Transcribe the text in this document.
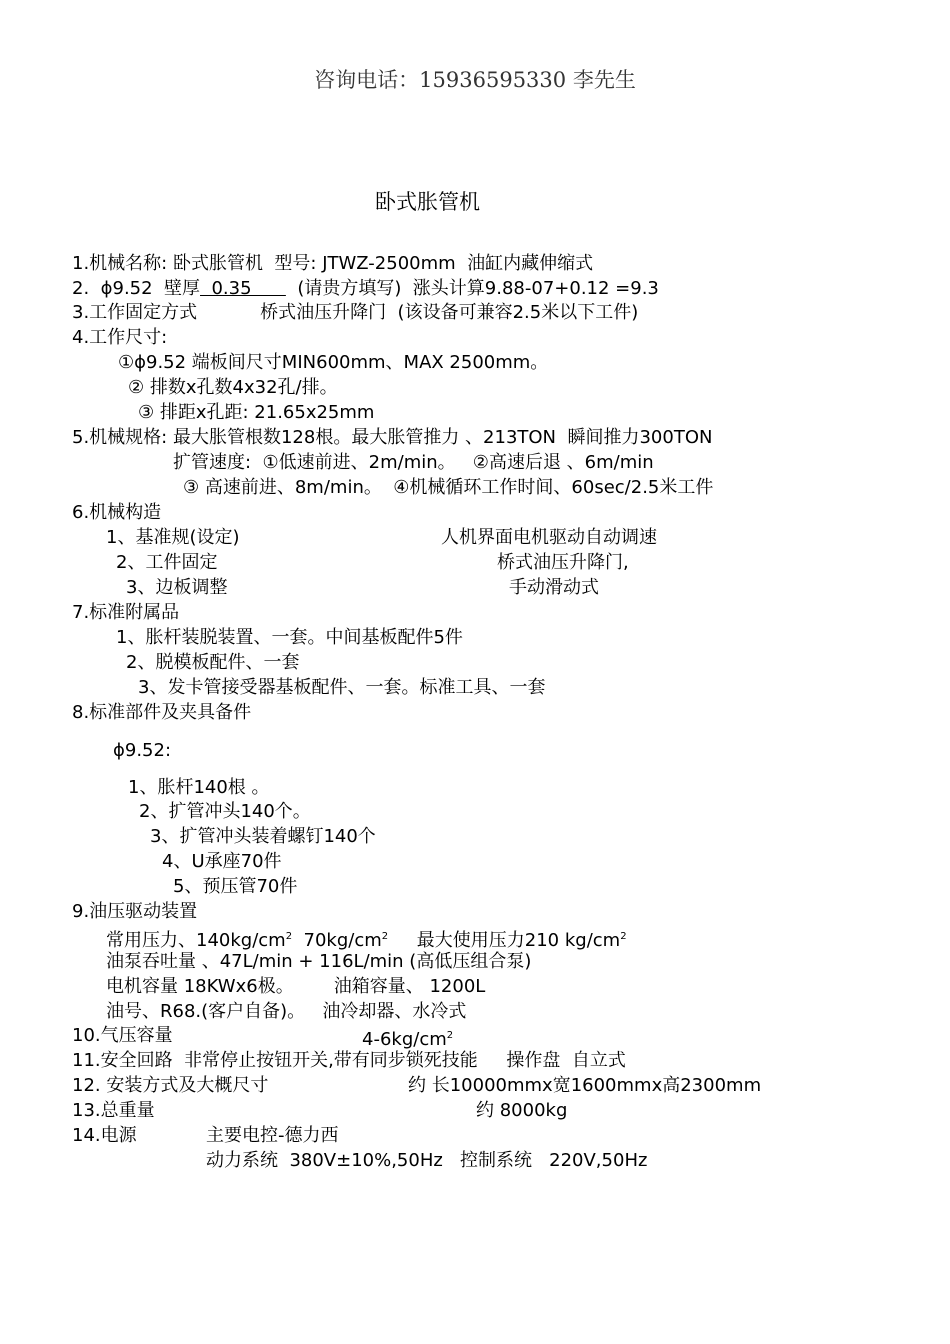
咨询电话：15936595330 李先生
卧式胀管机
1.机械名称: 卧式胀管机  型号: JTWZ-2500mm  油缸内藏伸缩式
2.  ϕ9.52  壁厚  0.35        (请贵方填写)  涨头计算9.88-07+0.12 =9.3
3.工作固定方式           桥式油压升降门  (该设备可兼容2.5米以下工件)
4.工作尺寸:
①ϕ9.52 端板间尺寸MIN600mm、MAX 2500mm。
② 排数x孔数4x32孔/排。
③ 排距x孔距: 21.65x25mm
5.机械规格: 最大胀管根数128根。最大胀管推力 、213TON  瞬间推力300TON
扩管速度:  ①低速前进、2m/min。   ②高速后退 、6m/min
③ 高速前进、8m/min。  ④机械循环工作时间、60sec/2.5米工件
6.机械构造
1、基准规(设定)	人机界面电机驱动自动调速
2、工件固定	桥式油压升降门,
3、边板调整	手动滑动式
7.标准附属品
1、胀杆装脱装置、一套。中间基板配件5件
2、脱模板配件、一套
3、发卡管接受器基板配件、一套。标准工具、一套
8.标准部件及夹具备件
ϕ9.52:
1、胀杆140根 。
2、扩管冲头140个。
3、扩管冲头装着螺钉140个
4、U承座70件
5、预压管70件
9.油压驱动装置
常用压力、$140kg/cm^2$  $70kg/cm^2$     最大使用压力210 $kg/cm^2$
油泵吞吐量 、47L/min + 116L/min (高低压组合泵)
电机容量 18KWx6极。       油箱容量、 1200L
油号、R68.(客户自备)。   油冷却器、水冷式
10.气压容量	$4-6kg/cm^2$
11.安全回路  非常停止按钮开关,带有同步锁死技能     操作盘  自立式
12. 安装方式及大概尺寸	约 长10000mmx宽1600mmx高2300mm
13.总重量	约 8000kg
14.电源	主要电控-德力西
动力系统  380V±10%,50Hz   控制系统   220V,50Hz
